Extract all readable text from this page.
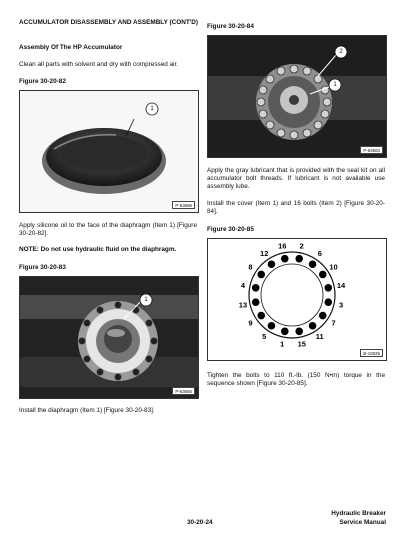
ACCUMULATOR DISASSEMBLY AND ASSEMBLY (CONT'D)

Assembly Of The HP Accumulator

Clean all parts with solvent and dry with compressed air.

Figure 30-20-82

1
P-63686

Apply silicone oil to the face of the diaphragm (Item 1) [Figure 30-20-82].

NOTE: Do not use hydraulic fluid on the diaphragm.

Figure 30-20-83

1
P-63685

Install the diaphragm (Item 1) [Figure 30-20-83].

Figure 30-20-84

2
1
P-63683

Apply the gray lubricant that is provided with the seal kit on all accumulator bolt threads. If lubricant is not available use assembly lube.

Install the cover (Item 1) and 16 bolts (Item 2) [Figure 30-20-84].

Figure 30-20-85

16 2
6
10
14
3
7
11
15
1
5
9
13
4
8
12
B-15925

Tighten the bolts to 110 ft.-lb. (150 N•m) torque in the sequence shown [Figure 30-20-85].

30-20-24

Hydraulic Breaker

Service Manual
